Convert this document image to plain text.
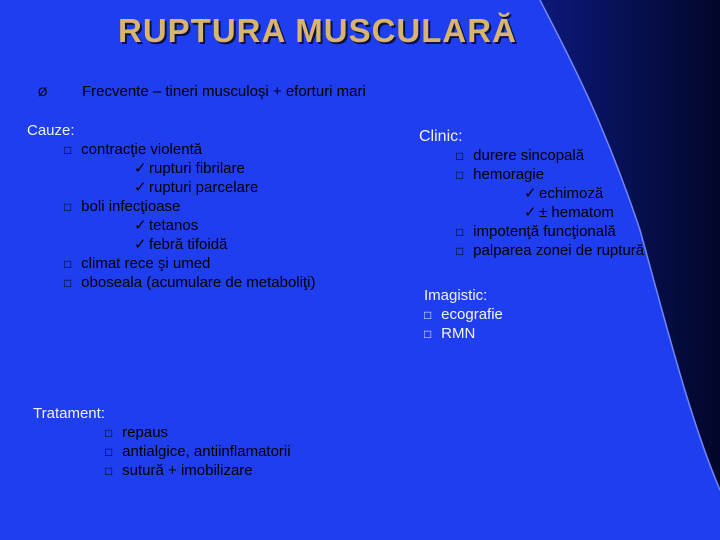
RUPTURA MUSCULARĂ
Ø Frecvente – tineri musculoşi + eforturi mari
Cauze:
□ contracţie violentă
✓ rupturi fibrilare
✓ rupturi parcelare
□ boli infecţioase
✓ tetanos
✓ febră tifoidă
□ climat rece şi umed
□ oboseala (acumulare de metaboliţi)
Tratament:
□ repaus
□ antialgice, antiinflamatorii
□ sutură + imobilizare
Clinic:
□ durere sincopală
□ hemoragie
✓ echimoză
✓ ± hematom
□ impotenţă funcţională
□ palparea zonei de ruptură
Imagistic:
□ ecografie
□ RMN
